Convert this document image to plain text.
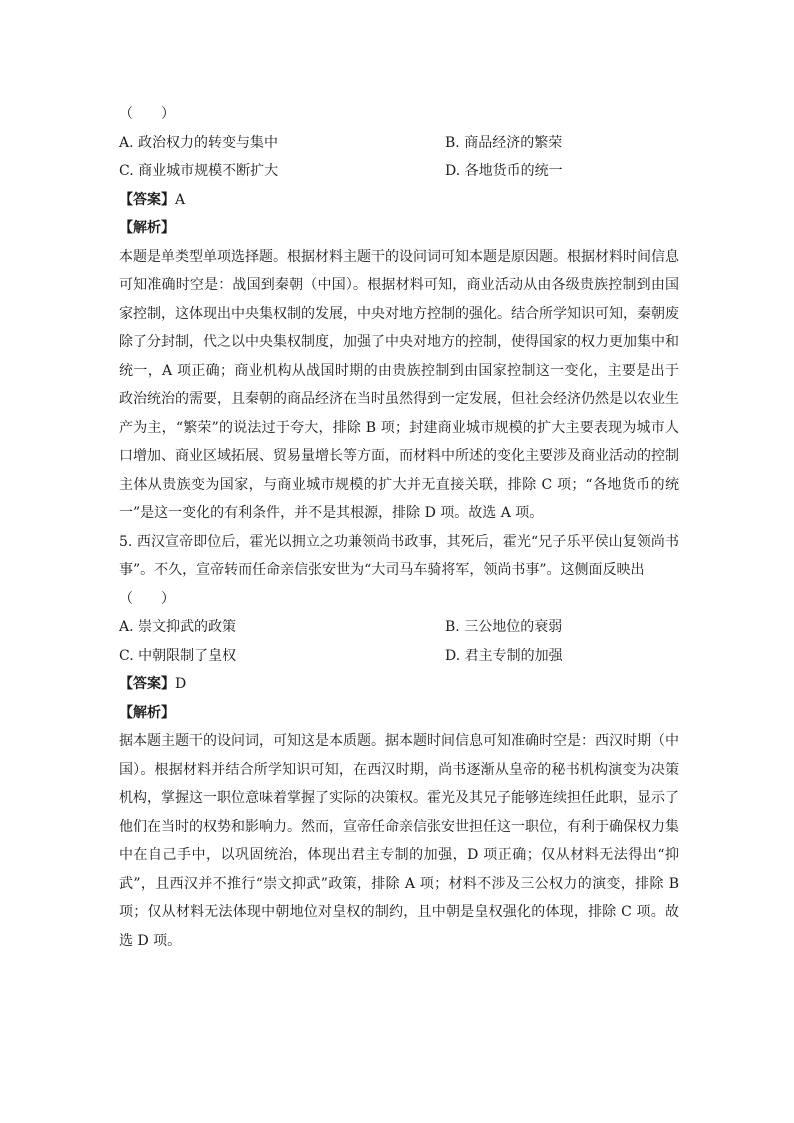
（　　）
A. 政治权力的转变与集中	B. 商品经济的繁荣
C. 商业城市规模不断扩大	D. 各地货币的统一
【答案】A
【解析】
本题是单类型单项选择题。根据材料主题干的设问词可知本题是原因题。根据材料时间信息可知准确时空是：战国到秦朝（中国）。根据材料可知，商业活动从由各级贵族控制到由国家控制，这体现出中央集权制的发展，中央对地方控制的强化。结合所学知识可知，秦朝废除了分封制，代之以中央集权制度，加强了中央对地方的控制，使得国家的权力更加集中和统一，A 项正确；商业机构从战国时期的由贵族控制到由国家控制这一变化，主要是出于政治统治的需要，且秦朝的商品经济在当时虽然得到一定发展，但社会经济仍然是以农业生产为主，“繁荣”的说法过于夸大，排除 B 项；封建商业城市规模的扩大主要表现为城市人口增加、商业区域拓展、贸易量增长等方面，而材料中所述的变化主要涉及商业活动的控制主体从贵族变为国家，与商业城市规模的扩大并无直接关联，排除 C 项；“各地货币的统一”是这一变化的有利条件，并不是其根源，排除 D 项。故选 A 项。
5. 西汉宣帝即位后，霍光以拥立之功兼领尚书政事，其死后，霍光“兄子乐平侯山复领尚书事”。不久，宣帝转而任命亲信张安世为“大司马车骑将军，领尚书事”。这侧面反映出
（　　）
A. 崇文抑武的政策	B. 三公地位的衰弱
C. 中朝限制了皇权	D. 君主专制的加强
【答案】D
【解析】
据本题主题干的设问词，可知这是本质题。据本题时间信息可知准确时空是：西汉时期（中国）。根据材料并结合所学知识可知，在西汉时期，尚书逐渐从皇帝的秘书机构演变为决策机构，掌握这一职位意味着掌握了实际的决策权。霍光及其兄子能够连续担任此职，显示了他们在当时的权势和影响力。然而，宣帝任命亲信张安世担任这一职位，有利于确保权力集中在自己手中，以巩固统治，体现出君主专制的加强，D 项正确；仅从材料无法得出“抑武”，且西汉并不推行“崇文抑武”政策，排除 A 项；材料不涉及三公权力的演变，排除 B 项；仅从材料无法体现中朝地位对皇权的制约，且中朝是皇权强化的体现，排除 C 项。故选 D 项。
